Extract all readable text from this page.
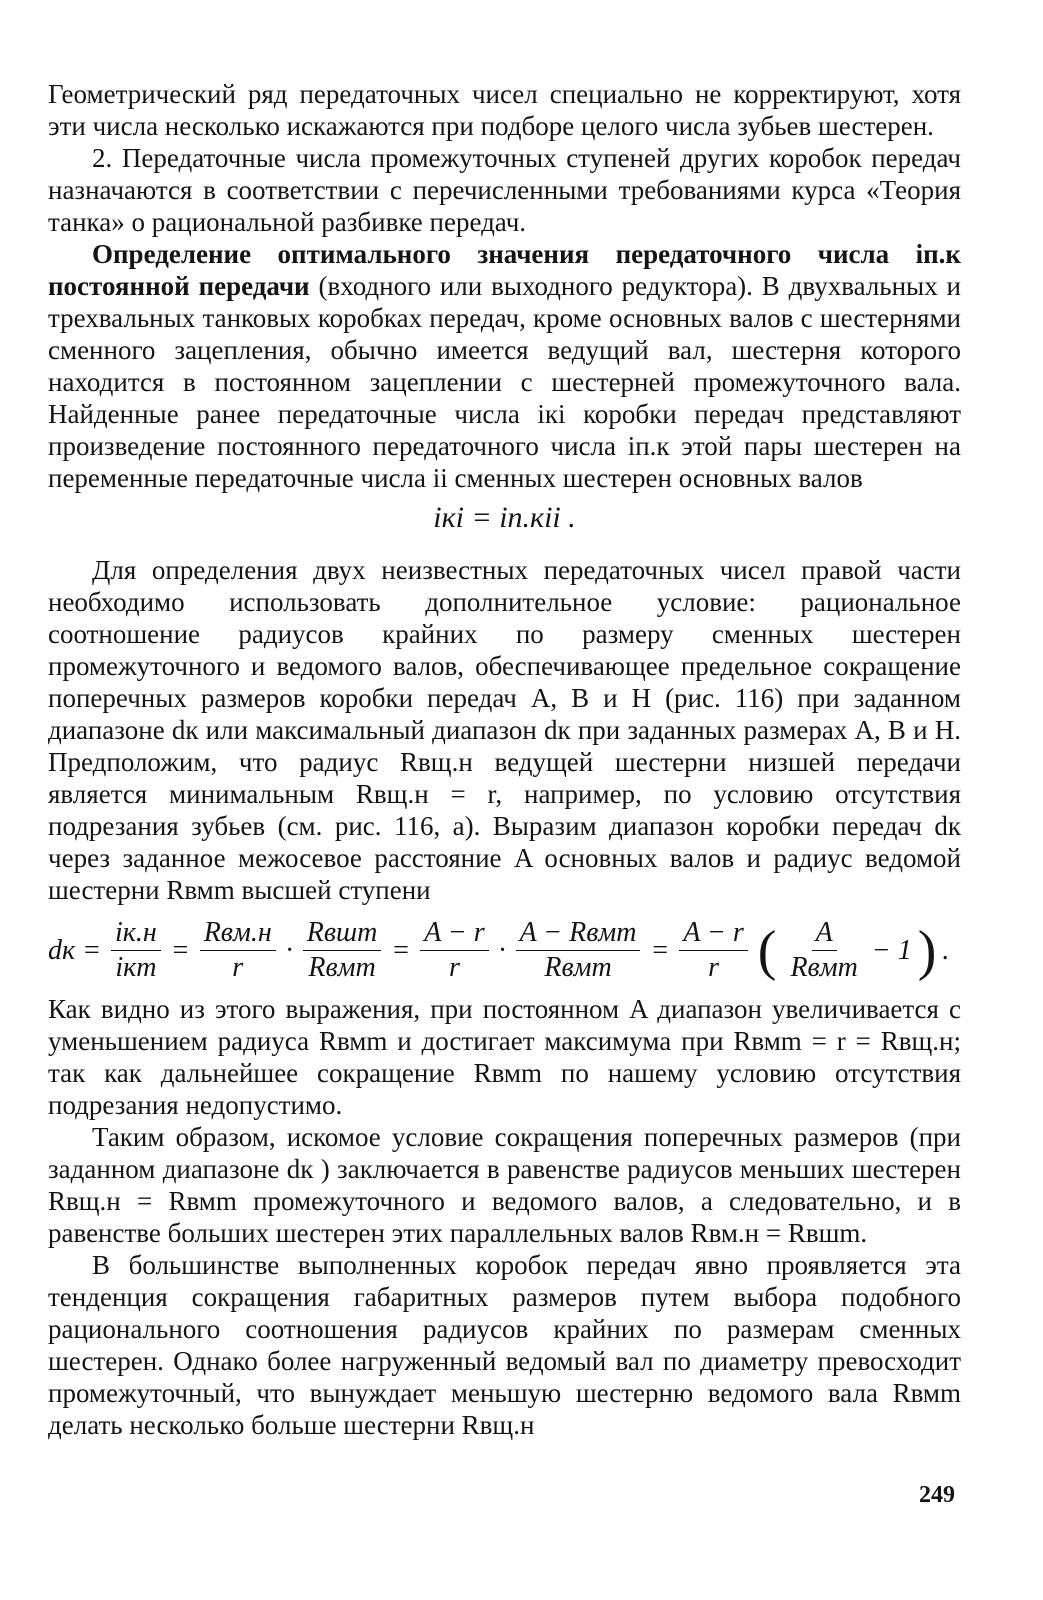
Геометрический ряд передаточных чисел специально не корректируют, хотя эти числа несколько искажаются при подборе целого числа зубьев шестерен.

2. Передаточные числа промежуточных ступеней других коробок передач назначаются в соответствии с перечисленными требованиями курса «Теория танка» о рациональной разбивке передач.

Определение оптимального значения передаточного числа iп.к постоянной передачи (входного или выходного редуктора). В двухвальных и трехвальных танковых коробках передач, кроме основных валов с шестернями сменного зацепления, обычно имеется ведущий вал, шестерня которого находится в постоянном зацеплении с шестерней промежуточного вала. Найденные ранее передаточные числа iкi коробки передач представляют произведение постоянного передаточного числа iп.к этой пары шестерен на переменные передаточные числа ii сменных шестерен основных валов

iкi = iп.кii .

Для определения двух неизвестных передаточных чисел правой части необходимо использовать дополнительное условие: рациональное соотношение радиусов крайних по размеру сменных шестерен промежуточного и ведомого валов, обеспечивающее предельное сокращение поперечных размеров коробки передач A, B и H (рис. 116) при заданном диапазоне dк или максимальный диапазон dк при заданных размерах A, B и H. Предположим, что радиус Rвщ.н ведущей шестерни низшей передачи является минимальным Rвщ.н = r, например, по условию отсутствия подрезания зубьев (см. рис. 116, а). Выразим диапазон коробки передач dк через заданное межосевое расстояние A основных валов и радиус ведомой шестерни Rвмm высшей ступени

dк = $\frac{iк.н}{\text{iкm}} = \frac{\text{Rвм.н}}{r} \cdot \frac{\text{Rвшm}}{\text{Rвмm}} = \frac{A - r}{r} \cdot \frac{\text{A − Rвмm}}{\text{Rвмm}} = \frac{A - r}{r}$ ( $\frac{A}{\text{Rвмm}} - 1$ ) .

Как видно из этого выражения, при постоянном A диапазон увеличивается с уменьшением радиуса Rвмm и достигает максимума при Rвмm = r = Rвщ.н; так как дальнейшее сокращение Rвмm по нашему условию отсутствия подрезания недопустимо.

Таким образом, искомое условие сокращения поперечных размеров (при заданном диапазоне dк ) заключается в равенстве радиусов меньших шестерен Rвщ.н = Rвмm промежуточного и ведомого валов, а следовательно, и в равенстве больших шестерен этих параллельных валов Rвм.н = Rвшm.

В большинстве выполненных коробок передач явно проявляется эта тенденция сокращения габаритных размеров путем выбора подобного рационального соотношения радиусов крайних по размерам сменных шестерен. Однако более нагруженный ведомый вал по диаметру превосходит промежуточный, что вынуждает меньшую шестерню ведомого вала Rвмm делать несколько больше шестерни Rвщ.н

249
